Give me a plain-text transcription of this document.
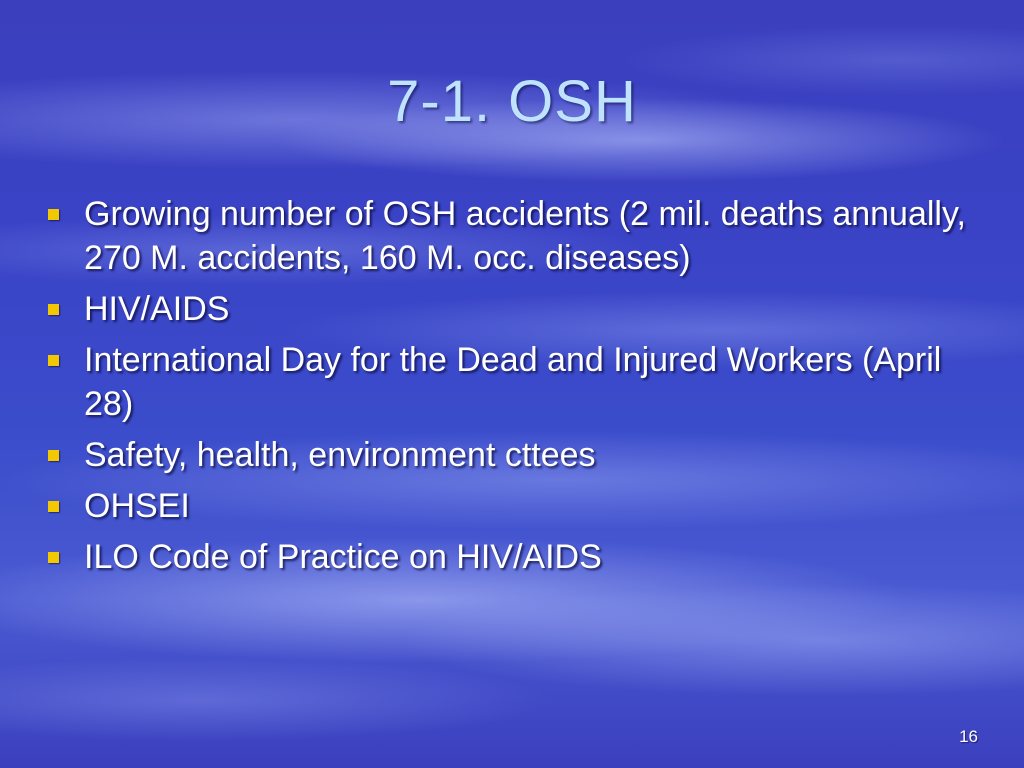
7-1. OSH
Growing number of OSH accidents (2 mil. deaths annually, 270 M. accidents, 160 M. occ. diseases)
HIV/AIDS
International Day for the Dead and Injured Workers (April 28)
Safety, health, environment cttees
OHSEI
ILO Code of Practice on HIV/AIDS
16
